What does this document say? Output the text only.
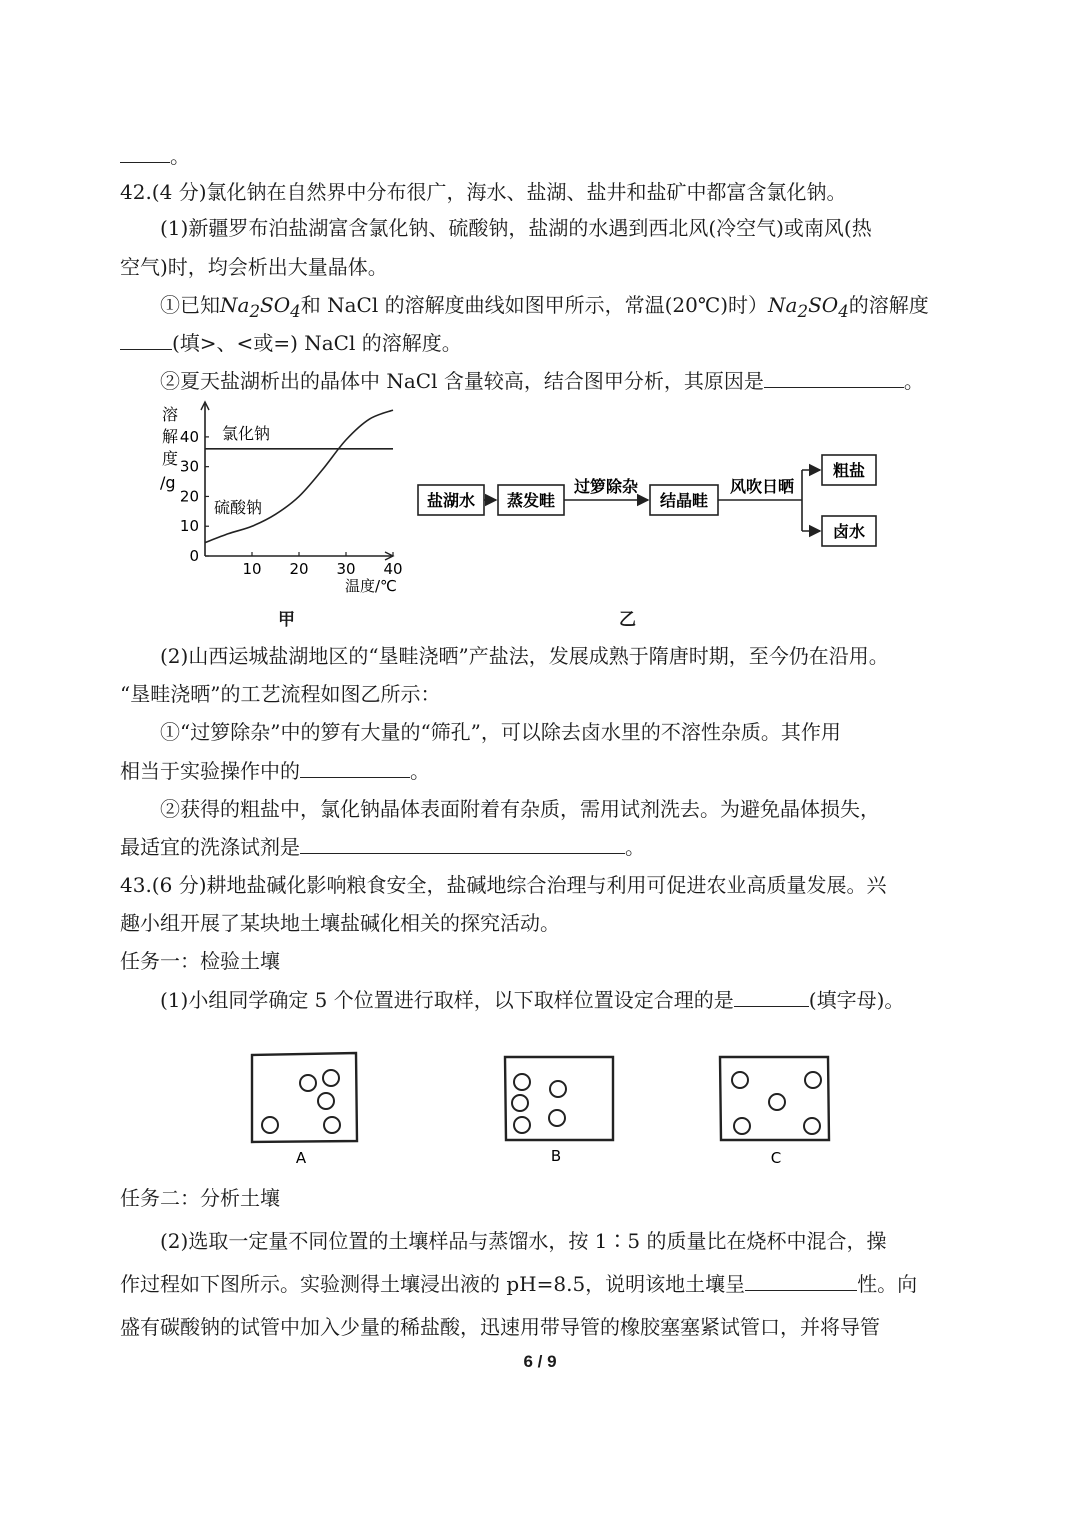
。
42.(4 分)氯化钠在自然界中分布很广，海水、盐湖、盐井和盐矿中都富含氯化钠。
(1)新疆罗布泊盐湖富含氯化钠、硫酸钠，盐湖的水遇到西北风(冷空气)或南风(热
空气)时，均会析出大量晶体。
①已知$Na_2SO_4$和 NaCl 的溶解度曲线如图甲所示，常温(20℃)时）$Na_2SO_4$的溶解度
(填>、<或=) NaCl 的溶解度。
②夏天盐湖析出的晶体中 NaCl 含量较高，结合图甲分析，其原因是	。
溶
解
度
/g
0
10
20
30
40
10 20 30 40
氯化钠
硫酸钠
温度/℃
甲
盐湖水 蒸发畦	结晶畦
粗盐
卤水
过箩除杂	风吹日晒
乙
(2)山西运城盐湖地区的“垦畦浇晒”产盐法，发展成熟于隋唐时期，至今仍在沿用。
“垦畦浇晒”的工艺流程如图乙所示：
①“过箩除杂”中的箩有大量的“筛孔”，可以除去卤水里的不溶性杂质。其作用
相当于实验操作中的	。
②获得的粗盐中，氯化钠晶体表面附着有杂质，需用试剂洗去。为避免晶体损失，
最适宜的洗涤试剂是	。
43.(6 分)耕地盐碱化影响粮食安全，盐碱地综合治理与利用可促进农业高质量发展。兴
趣小组开展了某块地土壤盐碱化相关的探究活动。
任务一：检验土壤
(1)小组同学确定 5 个位置进行取样，以下取样位置设定合理的是	(填字母)。
A	B	C
任务二：分析土壤
(2)选取一定量不同位置的土壤样品与蒸馏水，按 1∶5 的质量比在烧杯中混合，操
作过程如下图所示。实验测得土壤浸出液的 pH=8.5，说明该地土壤呈	性。向
盛有碳酸钠的试管中加入少量的稀盐酸，迅速用带导管的橡胶塞塞紧试管口，并将导管
6 / 9
